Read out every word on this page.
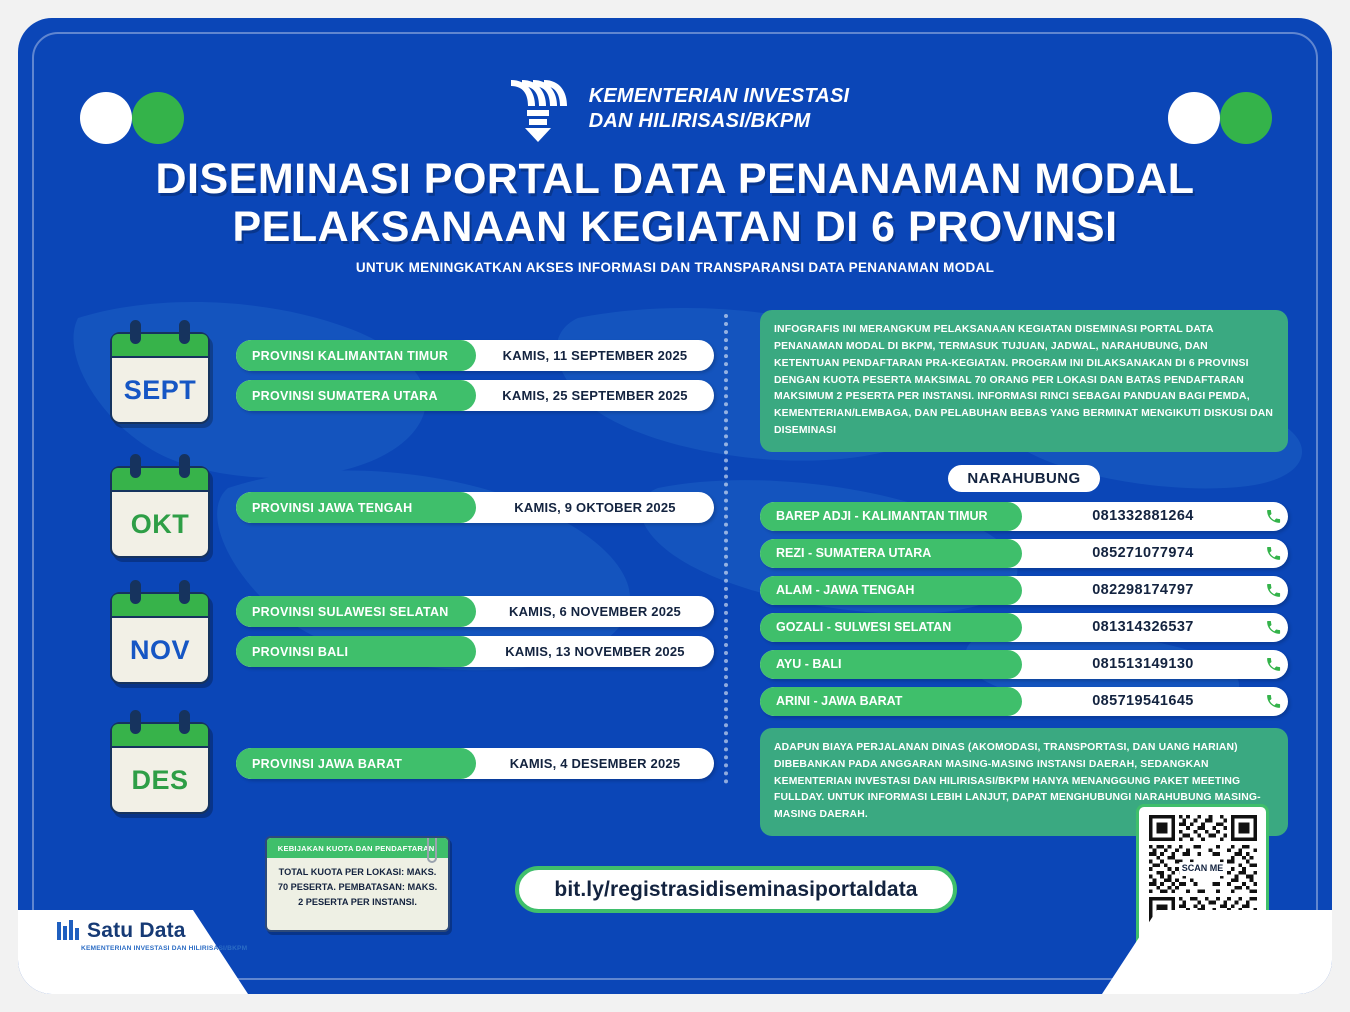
KEMENTERIAN INVESTASI
DAN HILIRISASI/BKPM
DISEMINASI PORTAL DATA PENANAMAN MODAL
PELAKSANAAN KEGIATAN DI 6 PROVINSI
UNTUK MENINGKATKAN AKSES INFORMASI DAN TRANSPARANSI DATA PENANAMAN MODAL
SEPT
PROVINSI KALIMANTAN TIMUR	KAMIS, 11 SEPTEMBER 2025
PROVINSI SUMATERA UTARA	KAMIS, 25 SEPTEMBER 2025
OKT
PROVINSI JAWA TENGAH	KAMIS, 9 OKTOBER 2025
NOV
PROVINSI SULAWESI SELATAN	KAMIS, 6 NOVEMBER 2025
PROVINSI BALI	KAMIS, 13 NOVEMBER 2025
DES
PROVINSI JAWA BARAT	KAMIS, 4 DESEMBER 2025
INFOGRAFIS INI MERANGKUM PELAKSANAAN KEGIATAN DISEMINASI PORTAL DATA PENANAMAN MODAL DI BKPM, TERMASUK TUJUAN, JADWAL, NARAHUBUNG, DAN KETENTUAN PENDAFTARAN PRA-KEGIATAN. PROGRAM INI DILAKSANAKAN DI 6 PROVINSI DENGAN KUOTA PESERTA MAKSIMAL 70 ORANG PER LOKASI DAN BATAS PENDAFTARAN MAKSIMUM 2 PESERTA PER INSTANSI. INFORMASI RINCI SEBAGAI PANDUAN BAGI PEMDA, KEMENTERIAN/LEMBAGA, DAN PELABUHAN BEBAS YANG BERMINAT MENGIKUTI DISKUSI DAN DISEMINASI
NARAHUBUNG
BAREP ADJI - KALIMANTAN TIMUR	081332881264
REZI - SUMATERA UTARA	085271077974
ALAM - JAWA TENGAH	082298174797
GOZALI - SULWESI SELATAN	081314326537
AYU - BALI	081513149130
ARINI - JAWA BARAT	085719541645
ADAPUN BIAYA PERJALANAN DINAS (AKOMODASI, TRANSPORTASI, DAN UANG HARIAN) DIBEBANKAN PADA ANGGARAN MASING-MASING INSTANSI DAERAH, SEDANGKAN KEMENTERIAN INVESTASI DAN HILIRISASI/BKPM HANYA MENANGGUNG PAKET MEETING FULLDAY. UNTUK INFORMASI LEBIH LANJUT, DAPAT MENGHUBUNGI NARAHUBUNG MASING-MASING DAERAH.
KEBIJAKAN KUOTA DAN PENDAFTARAN:
TOTAL KUOTA PER LOKASI: MAKS. 70 PESERTA. PEMBATASAN: MAKS. 2 PESERTA PER INSTANSI.
bit.ly/registrasidiseminasiportaldata
SCAN ME
Satu Data
KEMENTERIAN INVESTASI DAN HILIRISASI/BKPM
